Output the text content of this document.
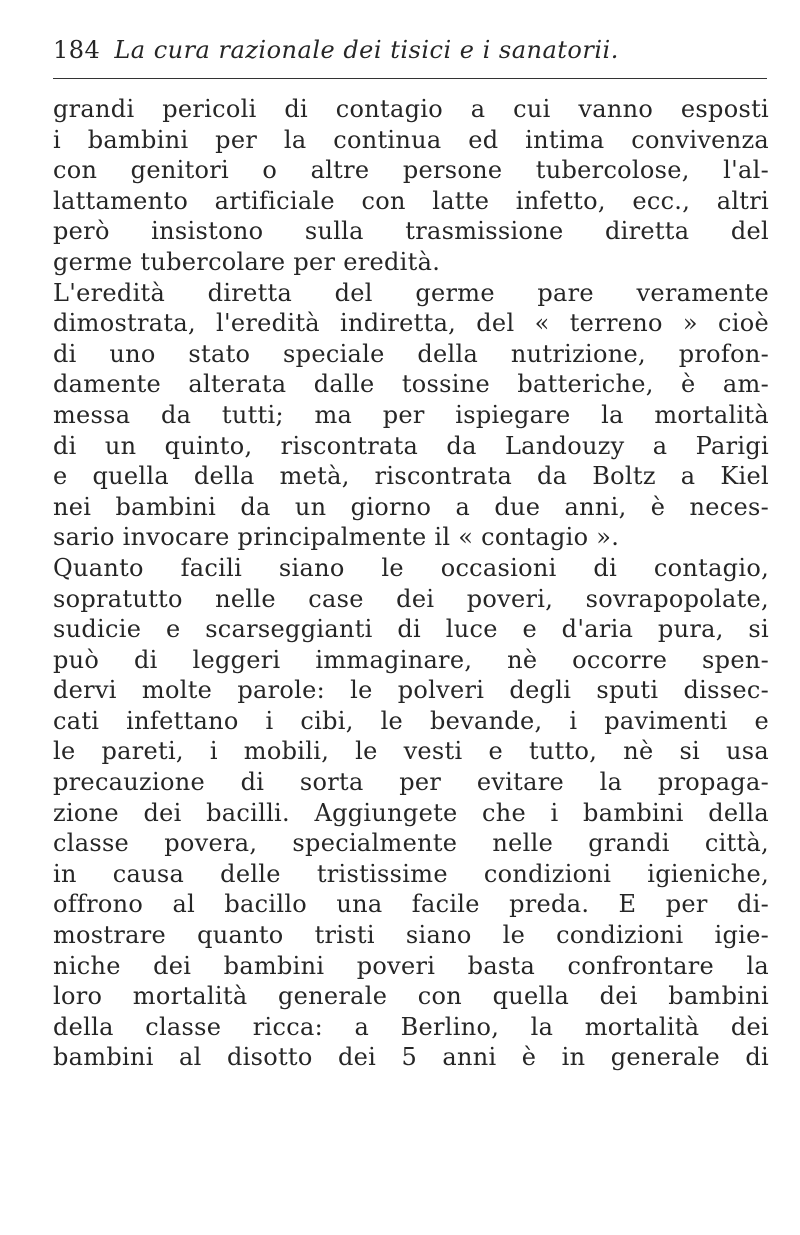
184 La cura razionale dei tisici e i sanatorii.
grandi pericoli di contagio a cui vanno esposti
i bambini per la continua ed intima convivenza
con genitori o altre persone tubercolose, l'al-
lattamento artificiale con latte infetto, ecc., altri
però insistono sulla trasmissione diretta del
germe tubercolare per eredità.
L'eredità diretta del germe pare veramente
dimostrata, l'eredità indiretta, del « terreno » cioè
di uno stato speciale della nutrizione, profon-
damente alterata dalle tossine batteriche, è am-
messa da tutti; ma per ispiegare la mortalità
di un quinto, riscontrata da Landouzy a Parigi
e quella della metà, riscontrata da Boltz a Kiel
nei bambini da un giorno a due anni, è neces-
sario invocare principalmente il « contagio ».
Quanto facili siano le occasioni di contagio,
sopratutto nelle case dei poveri, sovrapopolate,
sudicie e scarseggianti di luce e d'aria pura, si
può di leggeri immaginare, nè occorre spen-
dervi molte parole: le polveri degli sputi dissec-
cati infettano i cibi, le bevande, i pavimenti e
le pareti, i mobili, le vesti e tutto, nè si usa
precauzione di sorta per evitare la propaga-
zione dei bacilli. Aggiungete che i bambini della
classe povera, specialmente nelle grandi città,
in causa delle tristissime condizioni igieniche,
offrono al bacillo una facile preda. E per di-
mostrare quanto tristi siano le condizioni igie-
niche dei bambini poveri basta confrontare la
loro mortalità generale con quella dei bambini
della classe ricca: a Berlino, la mortalità dei
bambini al disotto dei 5 anni è in generale di
